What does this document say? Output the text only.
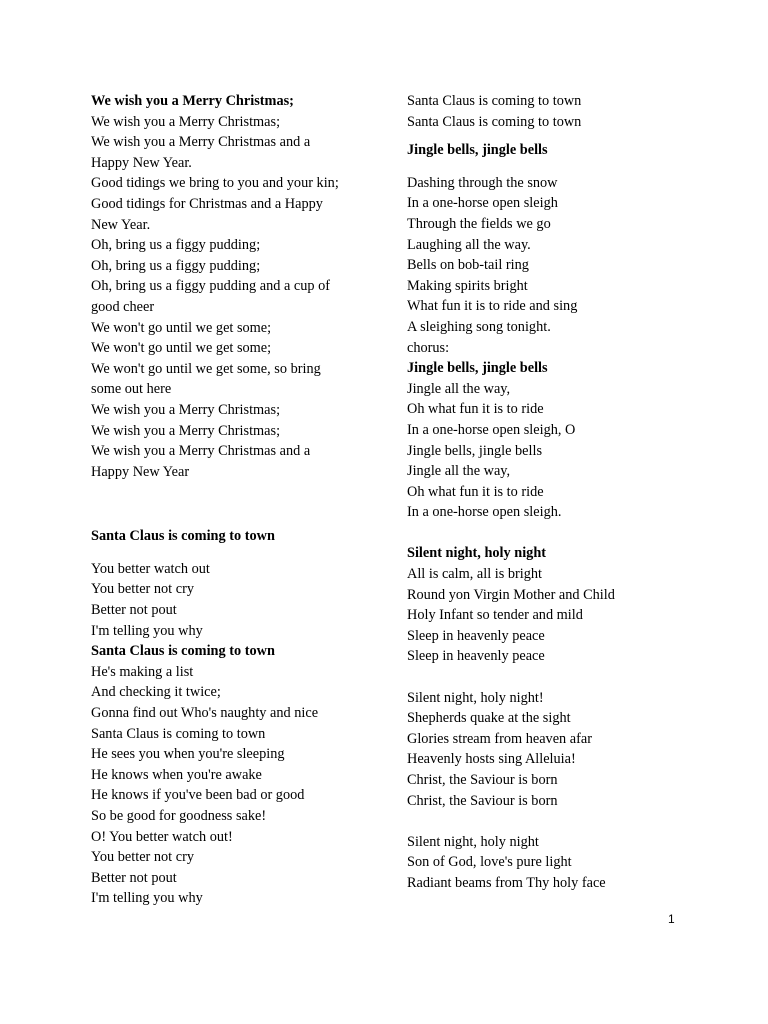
We wish you a Merry Christmas;
We wish you a Merry Christmas;
We wish you a Merry Christmas and a
Happy New Year.
Good tidings we bring to you and your kin;
Good tidings for Christmas and a Happy
New Year.
Oh, bring us a figgy pudding;
Oh, bring us a figgy pudding;
Oh, bring us a figgy pudding and a cup of
good cheer
We won't go until we get some;
We won't go until we get some;
We won't go until we get some, so bring
some out here
We wish you a Merry Christmas;
We wish you a Merry Christmas;
We wish you a Merry Christmas and a
Happy New Year
Santa Claus is coming to town
You better watch out
You better not cry
Better not pout
I'm telling you why
Santa Claus is coming to town
He's making a list
And checking it twice;
Gonna find out Who's naughty and nice
Santa Claus is coming to town
He sees you when you're sleeping
He knows when you're awake
He knows if you've been bad or good
So be good for goodness sake!
O! You better watch out!
You better not cry
Better not pout
I'm telling you why
Santa Claus is coming to town
Santa Claus is coming to town
Jingle bells, jingle bells
Dashing through the snow
In a one-horse open sleigh
Through the fields we go
Laughing all the way.
Bells on bob-tail ring
Making spirits bright
What fun it is to ride and sing
A sleighing song tonight.
chorus:
Jingle bells, jingle bells
Jingle all the way,
Oh what fun it is to ride
In a one-horse open sleigh, O
Jingle bells, jingle bells
Jingle all the way,
Oh what fun it is to ride
In a one-horse open sleigh.
Silent night, holy night
All is calm, all is bright
Round yon Virgin Mother and Child
Holy Infant so tender and mild
Sleep in heavenly peace
Sleep in heavenly peace
Silent night, holy night!
Shepherds quake at the sight
Glories stream from heaven afar
Heavenly hosts sing Alleluia!
Christ, the Saviour is born
Christ, the Saviour is born
Silent night, holy night
Son of God, love's pure light
Radiant beams from Thy holy face
1
